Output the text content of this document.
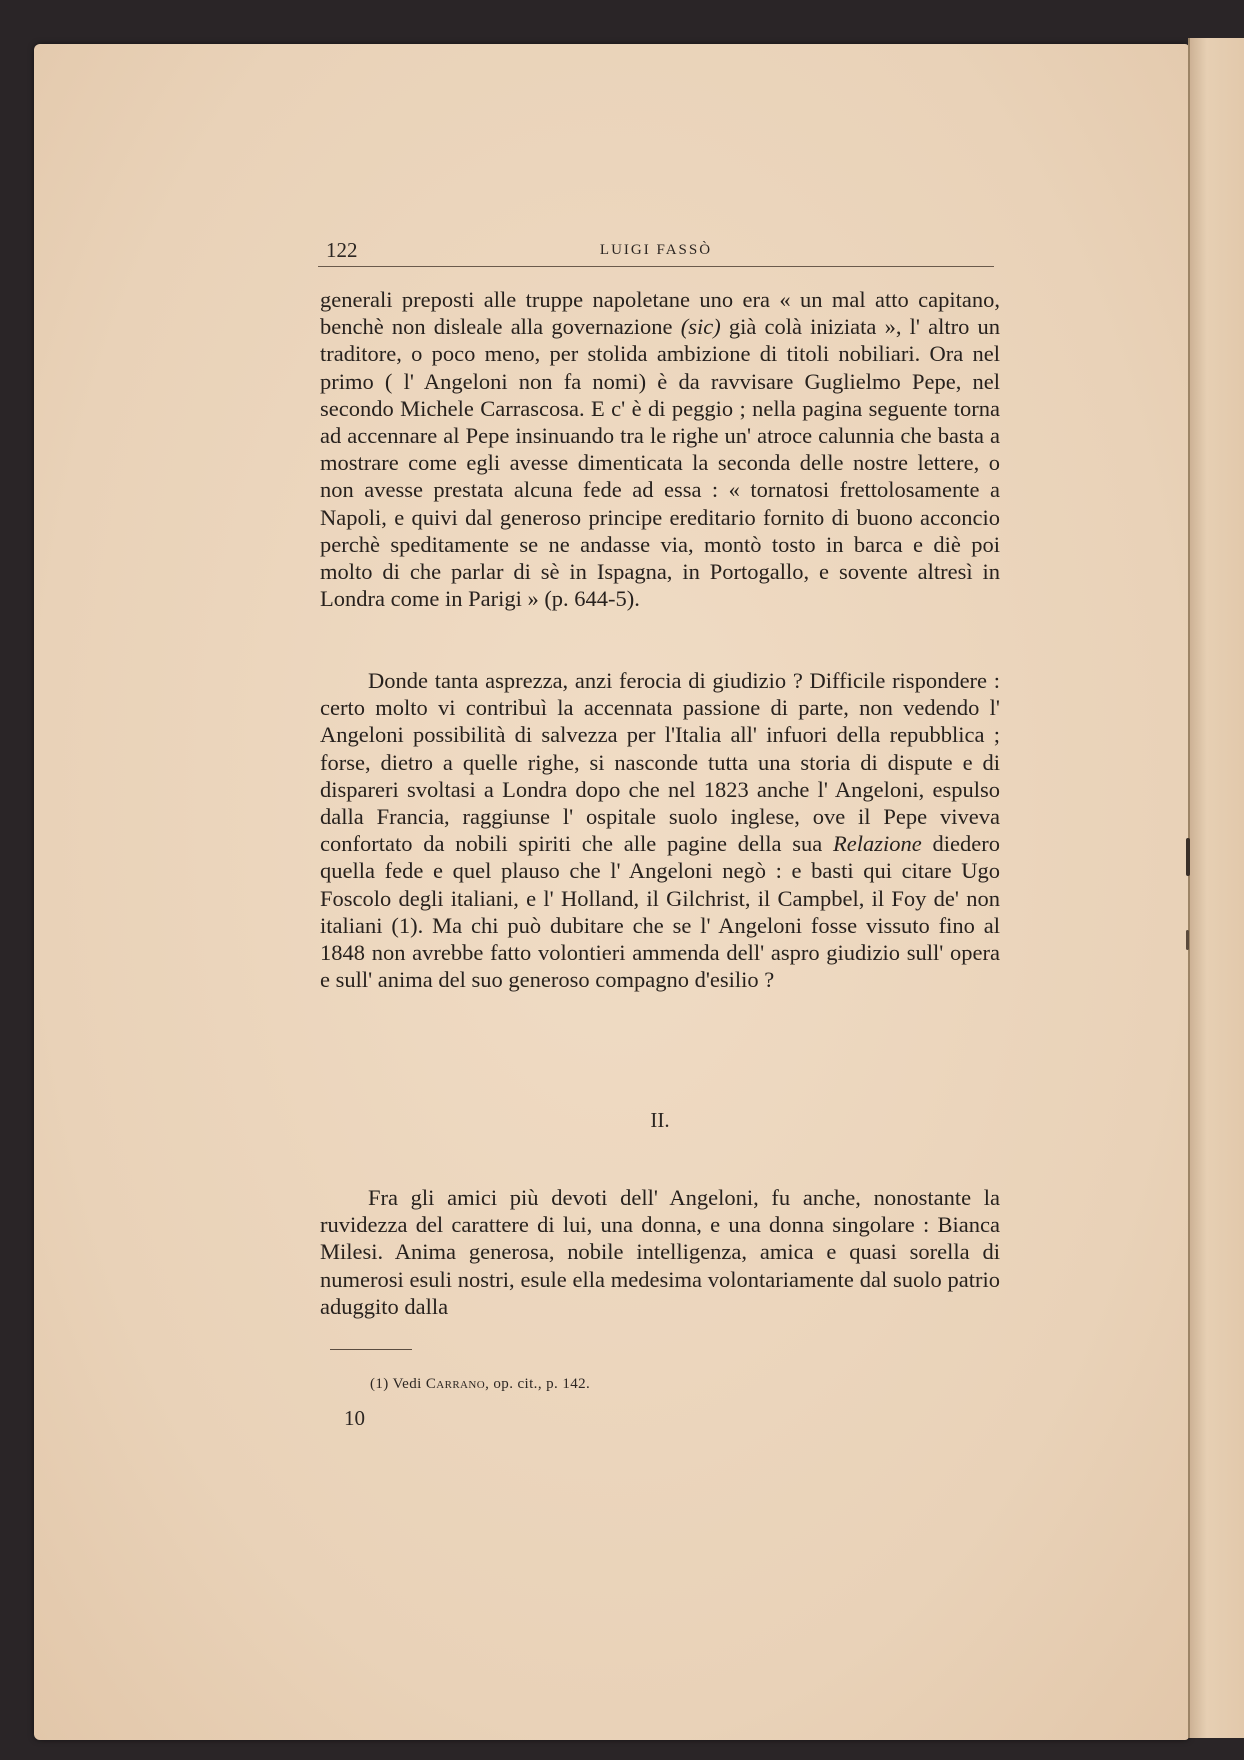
122	LUIGI FASSÒ

generali preposti alle truppe napoletane uno era « un mal atto capitano, benchè non disleale alla governazione (sic) già colà iniziata », l' altro un traditore, o poco meno, per stolida ambizione di titoli nobiliari. Ora nel primo ( l' Angeloni non fa nomi) è da ravvisare Guglielmo Pepe, nel secondo Michele Carrascosa. E c' è di peggio ; nella pagina seguente torna ad accennare al Pepe insinuando tra le righe un' atroce calunnia che basta a mostrare come egli avesse dimenticata la seconda delle nostre lettere, o non avesse prestata alcuna fede ad essa : « tornatosi frettolosamente a Napoli, e quivi dal generoso principe ereditario fornito di buono acconcio perchè speditamente se ne andasse via, montò tosto in barca e diè poi molto di che parlar di sè in Ispagna, in Portogallo, e sovente altresì in Londra come in Parigi » (p. 644-5).

Donde tanta asprezza, anzi ferocia di giudizio ? Difficile rispondere : certo molto vi contribuì la accennata passione di parte, non vedendo l' Angeloni possibilità di salvezza per l'Italia all' infuori della repubblica ; forse, dietro a quelle righe, si nasconde tutta una storia di dispute e di dispareri svoltasi a Londra dopo che nel 1823 anche l' Angeloni, espulso dalla Francia, raggiunse l' ospitale suolo inglese, ove il Pepe viveva confortato da nobili spiriti che alle pagine della sua Relazione diedero quella fede e quel plauso che l' Angeloni negò : e basti qui citare Ugo Foscolo degli italiani, e l' Holland, il Gilchrist, il Campbel, il Foy de' non italiani (1). Ma chi può dubitare che se l' Angeloni fosse vissuto fino al 1848 non avrebbe fatto volontieri ammenda dell' aspro giudizio sull' opera e sull' anima del suo generoso compagno d'esilio ?

II.

Fra gli amici più devoti dell' Angeloni, fu anche, nonostante la ruvidezza del carattere di lui, una donna, e una donna singolare : Bianca Milesi. Anima generosa, nobile intelligenza, amica e quasi sorella di numerosi esuli nostri, esule ella medesima volontariamente dal suolo patrio aduggito dalla

(1) Vedi Carrano, op. cit., p. 142.
10
